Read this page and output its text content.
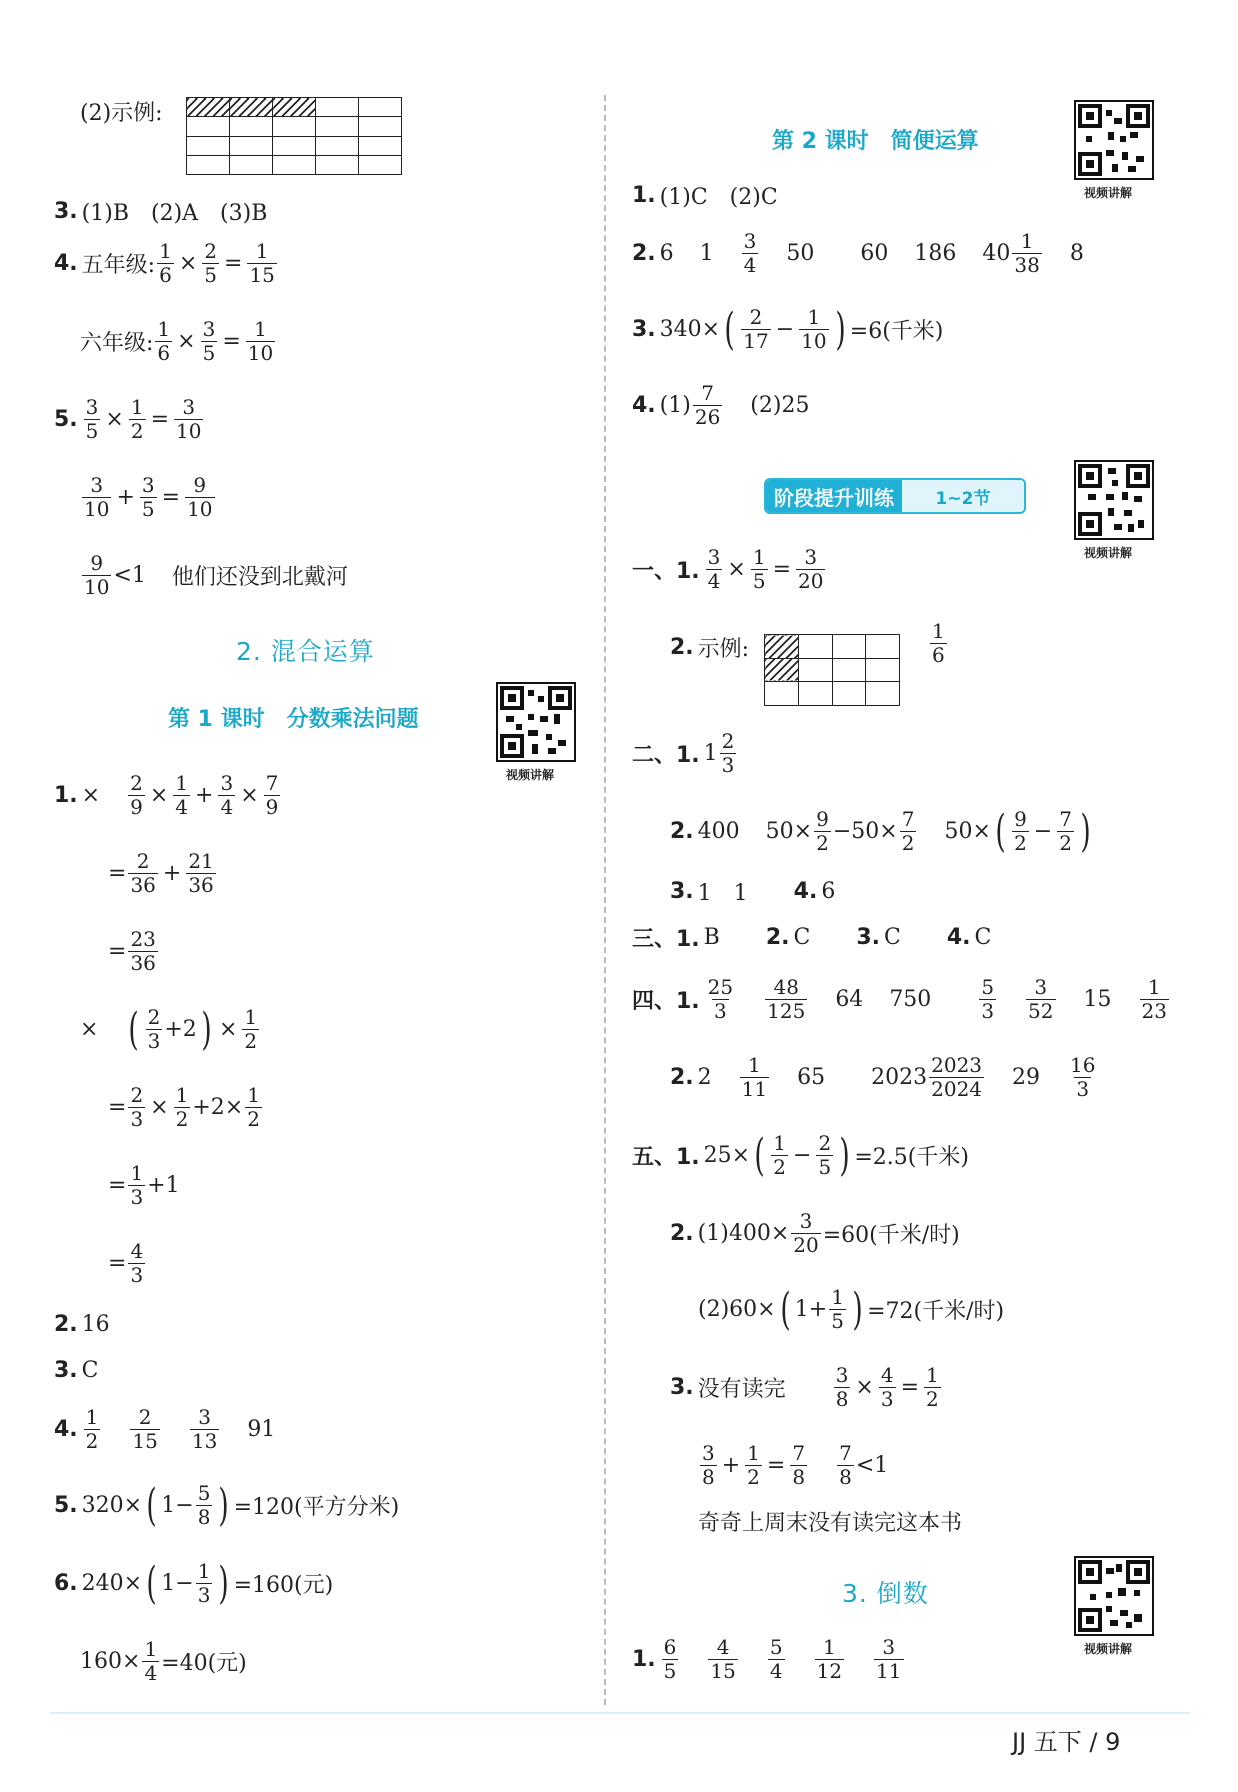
(2)示例:

3. (1)B　(2)A　(3)B
4. 五年级: $\frac{1}{6} \times \frac{2}{5} = \frac{1}{15}$
六年级: $\frac{1}{6} \times \frac{3}{5} = \frac{1}{10}$
5. $\frac{3}{5} \times \frac{1}{2} = \frac{3}{10}$
$\frac{3}{10} + \frac{3}{5} = \frac{9}{10}$
$\frac{9}{10} <1$ 他们还没到北戴河
2. 混合运算
第 1 课时　分数乘法问题
视频讲解
1. × $\frac{2}{9} \times \frac{1}{4} + \frac{3}{4} \times \frac{7}{9}$
= $\frac{2}{36} + \frac{21}{36}$
= $\frac{23}{36}$
× ( $\frac{2}{3} +2$ ) × $\frac{1}{2}$
= $\frac{2}{3} \times \frac{1}{2} +2\times \frac{1}{2}$
= $\frac{1}{3} +1$
= $\frac{4}{3}$
2. 16
3. C
4. $\frac{1}{2} \frac{2}{15} \frac{3}{13} 91$
5. 320× ( $1- \frac{5}{8}$ ) =120(平方分米)
6. 240× ( $1- \frac{1}{3}$ ) =160(元)
$160\times \frac{1}{4} =40$(元)
第 2 课时　简便运算
视频讲解
1. (1)C　(2)C
2. 6 $1 \frac{3}{4} 50$ 60 186 $40 \frac{1}{38} 8$
3. 340× ( $\frac{2}{17} - \frac{1}{10}$ ) =6(千米)
4. $(1) \frac{7}{26} (2)25$
阶段提升训练	1~2节
视频讲解
一、1. $\frac{3}{4} \times \frac{1}{5} = \frac{3}{20}$
2. 示例:

				$\frac{1}{6}$
二、1. $1 \frac{2}{3}$
2. 400 $50\times \frac{9}{2} -50\times \frac{7}{2} 50\times$ ( $\frac{9}{2} - \frac{7}{2}$ )
3. 1　1 4. 6
三、1. B 2. C 3. C 4. C
四、1. $\frac{25}{3} \frac{48}{125} 64$ $750 \frac{5}{3} \frac{3}{52} 15 \frac{1}{23}$
2. $2 \frac{1}{11} 65$ $2023 \frac{2023}{2024} 29 \frac{16}{3}$
五、1. 25× ( $\frac{1}{2} - \frac{2}{5}$ ) =2.5(千米)
2. $(1)400\times \frac{3}{20} =60$(千米/时)
(2)60× ( $1+ \frac{1}{5}$ ) =72(千米/时)
3. 没有读完 $\frac{3}{8} \times \frac{4}{3} = \frac{1}{2}$
$\frac{3}{8} + \frac{1}{2} = \frac{7}{8} \frac{7}{8} <1$
奇奇上周末没有读完这本书
3. 倒数
视频讲解
1. $\frac{6}{5} \frac{4}{15} \frac{5}{4} \frac{1}{12} \frac{3}{11}$
JJ 五下 / 9
